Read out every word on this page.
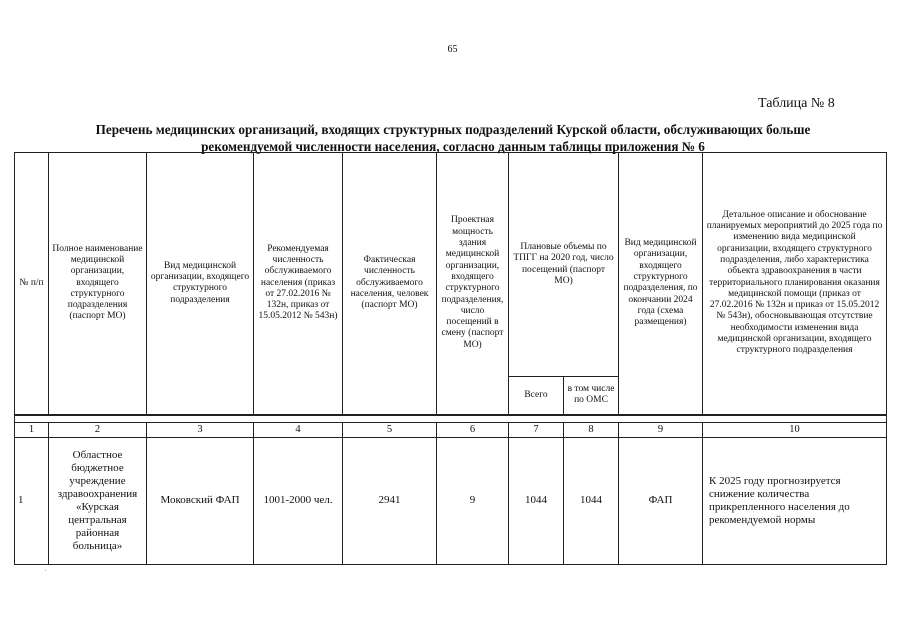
65
Таблица № 8
Перечень медицинских организаций, входящих структурных подразделений Курской области, обслуживающих больше
рекомендуемой численности населения, согласно данным таблицы приложения № 6
№ п/п	Полное наименование медицинской организации, входящего структурного подразделения (паспорт МО)	Вид медицинской организации, входящего структурного подразделения	Рекомендуемая численность обслуживаемого населения (приказ от 27.02.2016 № 132н, приказ от 15.05.2012 № 543н)	Фактическая численность обслуживаемого населения, человек (паспорт МО)	Проектная мощность здания медицинской организации, входящего структурного подразделения, число посещений в смену (паспорт МО)	Плановые объемы по ТПГГ на 2020 год, число посещений (паспорт МО)		Вид медицинской организации, входящего структурного подразделения, по окончании 2024 года (схема размещения)	Детальное описание и обоснование планируемых мероприятий до 2025 года по изменению вида медицинской организации, входящего структурного подразделения, либо характеристика объекта здравоохранения в части территориального планирования оказания медицинской помощи (приказ от 27.02.2016 № 132н и приказ от 15.05.2012 № 543н), обосновывающая отсутствие необходимости изменения вида медицинской организации, входящего структурного подразделения
						Всего	в том числе по ОМС		

1	2	3	4	5	6	7	8	9	10
1	Областное бюджетное учреждение здравоохранения «Курская центральная районная больница»	Моковский ФАП	1001-2000 чел.	2941	9	1044	1044	ФАП	К 2025 году прогнозируется снижение количества прикрепленного населения до рекомендуемой нормы
·
